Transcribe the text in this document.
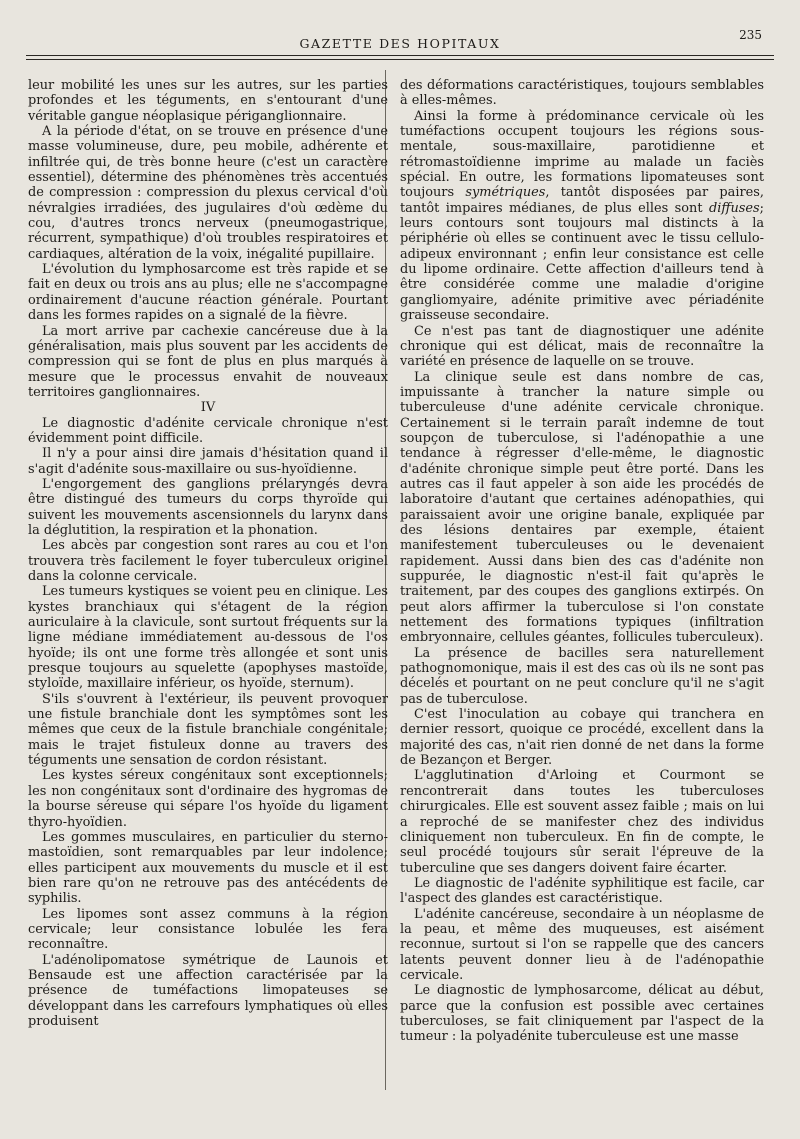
GAZETTE DES HOPITAUX
235

leur mobilité les unes sur les autres, sur les parties profondes et les téguments, en s'entourant d'une véritable gangue néoplasique périganglionnaire.

A la période d'état, on se trouve en présence d'une masse volumineuse, dure, peu mobile, adhérente et infiltrée qui, de très bonne heure (c'est un caractère essentiel), détermine des phénomènes très accentués de compression : compression du plexus cervical d'où névralgies irradiées, des jugulaires d'où œdème du cou, d'autres troncs nerveux (pneumogastrique, récurrent, sympathique) d'où troubles respiratoires et cardiaques, altération de la voix, inégalité pupillaire.

L'évolution du lymphosarcome est très rapide et se fait en deux ou trois ans au plus; elle ne s'accompagne ordinairement d'aucune réaction générale. Pourtant dans les formes rapides on a signalé de la fièvre.

La mort arrive par cachexie cancéreuse due à la généralisation, mais plus souvent par les accidents de compression qui se font de plus en plus marqués à mesure que le processus envahit de nouveaux territoires ganglionnaires.

IV

Le diagnostic d'adénite cervicale chronique n'est évidemment point difficile.

Il n'y a pour ainsi dire jamais d'hésitation quand il s'agit d'adénite sous-maxillaire ou sus-hyoïdienne.

L'engorgement des ganglions prélaryngés devra être distingué des tumeurs du corps thyroïde qui suivent les mouvements ascensionnels du larynx dans la déglutition, la respiration et la phonation.

Les abcès par congestion sont rares au cou et l'on trouvera très facilement le foyer tuberculeux originel dans la colonne cervicale.

Les tumeurs kystiques se voient peu en clinique. Les kystes branchiaux qui s'étagent de la région auriculaire à la clavicule, sont surtout fréquents sur la ligne médiane immédiatement au-dessous de l'os hyoïde; ils ont une forme très allongée et sont unis presque toujours au squelette (apophyses mastoïde, styloïde, maxillaire inférieur, os hyoïde, sternum).

S'ils s'ouvrent à l'extérieur, ils peuvent provoquer une fistule branchiale dont les symptômes sont les mêmes que ceux de la fistule branchiale congénitale; mais le trajet fistuleux donne au travers des téguments une sensation de cordon résistant.

Les kystes séreux congénitaux sont exceptionnels; les non congénitaux sont d'ordinaire des hygromas de la bourse séreuse qui sépare l'os hyoïde du ligament thyro-hyoïdien.

Les gommes musculaires, en particulier du sterno-mastoïdien, sont remarquables par leur indolence; elles participent aux mouvements du muscle et il est bien rare qu'on ne retrouve pas des antécédents de syphilis.

Les lipomes sont assez communs à la région cervicale; leur consistance lobulée les fera reconnaître.

L'adénolipomatose symétrique de Launois et Bensaude est une affection caractérisée par la présence de tuméfactions limopateuses se développant dans les carrefours lymphatiques où elles produisent

des déformations caractéristiques, toujours semblables à elles-mêmes.

Ainsi la forme à prédominance cervicale où les tuméfactions occupent toujours les régions sous-mentale, sous-maxillaire, parotidienne et rétromastoïdienne imprime au malade un faciès spécial. En outre, les formations lipomateuses sont toujours symétriques, tantôt disposées par paires, tantôt impaires médianes, de plus elles sont diffuses; leurs contours sont toujours mal distincts à la périphérie où elles se continuent avec le tissu cellulo-adipeux environnant ; enfin leur consistance est celle du lipome ordinaire. Cette affection d'ailleurs tend à être considérée comme une maladie d'origine gangliomyaire, adénite primitive avec périadénite graisseuse secondaire.

Ce n'est pas tant de diagnostiquer une adénite chronique qui est délicat, mais de reconnaître la variété en présence de laquelle on se trouve.

La clinique seule est dans nombre de cas, impuissante à trancher la nature simple ou tuberculeuse d'une adénite cervicale chronique. Certainement si le terrain paraît indemne de tout soupçon de tuberculose, si l'adénopathie a une tendance à régresser d'elle-même, le diagnostic d'adénite chronique simple peut être porté. Dans les autres cas il faut appeler à son aide les procédés de laboratoire d'autant que certaines adénopathies, qui paraissaient avoir une origine banale, expliquée par des lésions dentaires par exemple, étaient manifestement tuberculeuses ou le devenaient rapidement. Aussi dans bien des cas d'adénite non suppurée, le diagnostic n'est-il fait qu'après le traitement, par des coupes des ganglions extirpés. On peut alors affirmer la tuberculose si l'on constate nettement des formations typiques (infiltration embryonnaire, cellules géantes, follicules tuberculeux).

La présence de bacilles sera naturellement pathognomonique, mais il est des cas où ils ne sont pas décelés et pourtant on ne peut conclure qu'il ne s'agit pas de tuberculose.

C'est l'inoculation au cobaye qui tranchera en dernier ressort, quoique ce procédé, excellent dans la majorité des cas, n'ait rien donné de net dans la forme de Bezançon et Berger.

L'agglutination d'Arloing et Courmont se rencontrerait dans toutes les tuberculoses chirurgicales. Elle est souvent assez faible ; mais on lui a reproché de se manifester chez des individus cliniquement non tuberculeux. En fin de compte, le seul procédé toujours sûr serait l'épreuve de la tuberculine que ses dangers doivent faire écarter.

Le diagnostic de l'adénite syphilitique est facile, car l'aspect des glandes est caractéristique.

L'adénite cancéreuse, secondaire à un néoplasme de la peau, et même des muqueuses, est aisément reconnue, surtout si l'on se rappelle que des cancers latents peuvent donner lieu à de l'adénopathie cervicale.

Le diagnostic de lymphosarcome, délicat au début, parce que la confusion est possible avec certaines tuberculoses, se fait cliniquement par l'aspect de la tumeur : la polyadénite tuberculeuse est une masse
